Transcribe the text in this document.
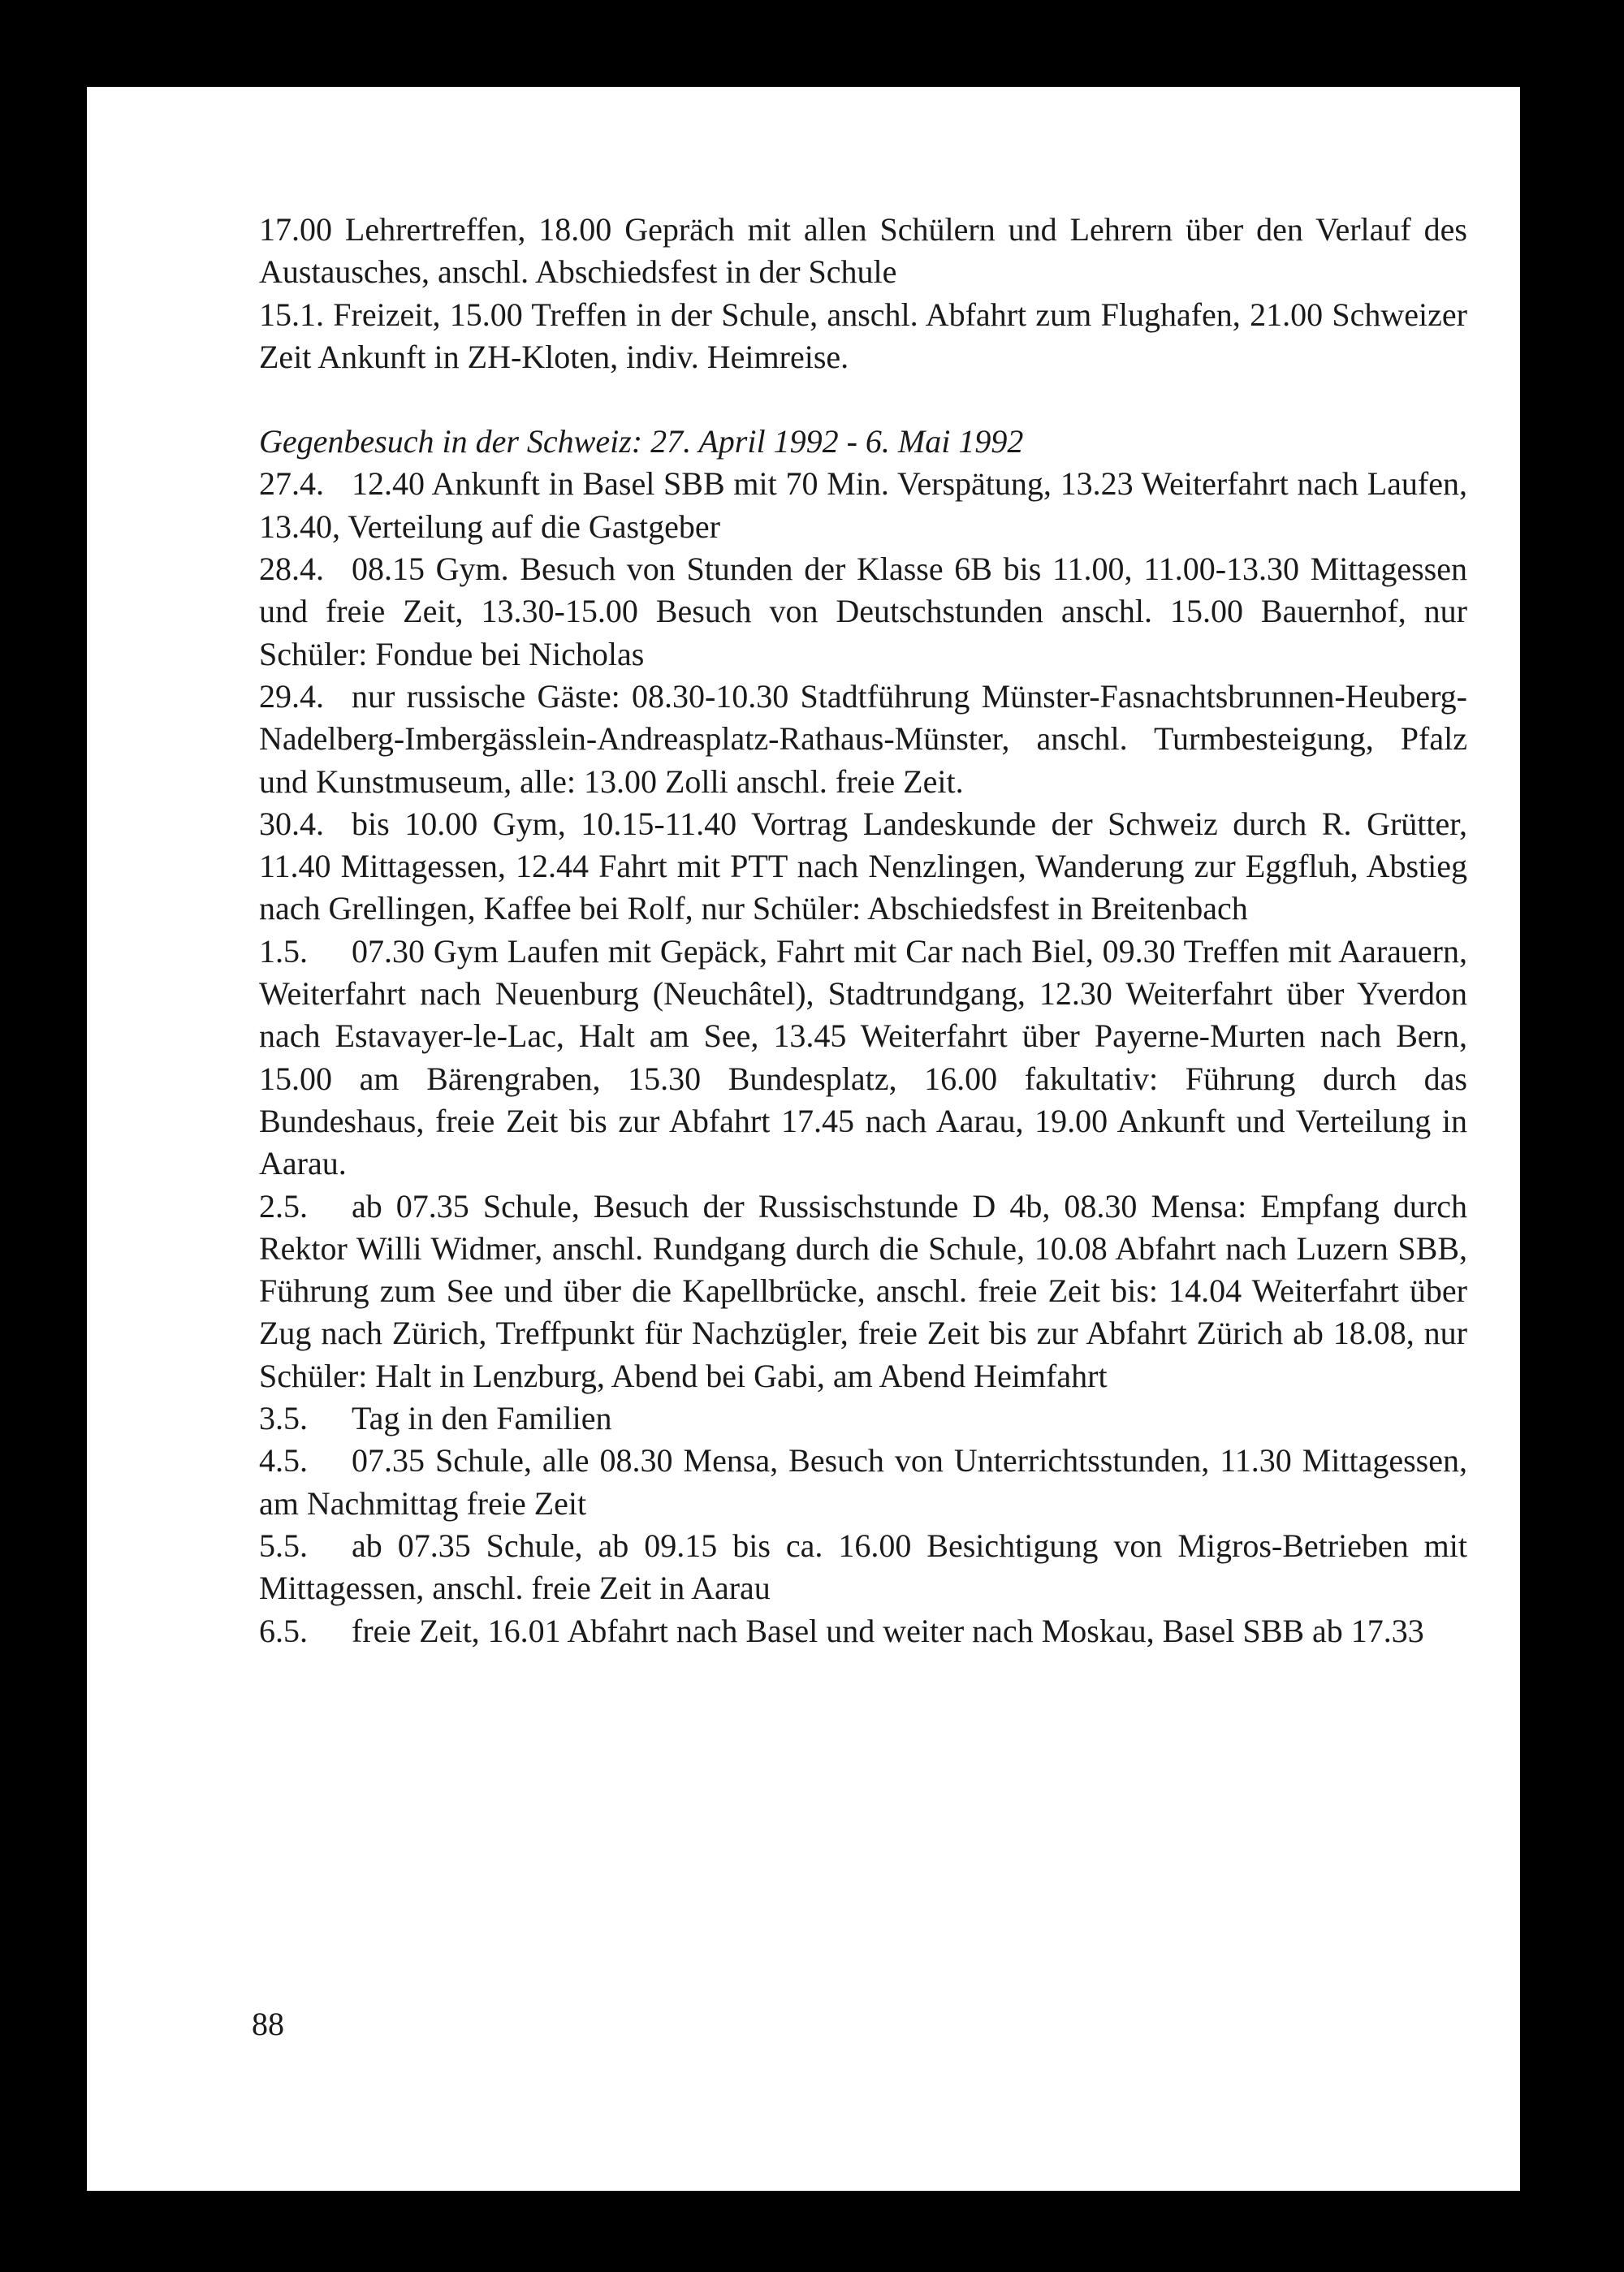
17.00 Lehrertreffen, 18.00 Gepräch mit allen Schülern und Lehrern über den Verlauf des Austausches, anschl. Abschiedsfest in der Schule

15.1. Freizeit, 15.00 Treffen in der Schule, anschl. Abfahrt zum Flughafen, 21.00 Schweizer Zeit Ankunft in ZH-Kloten, indiv. Heimreise.

Gegenbesuch in der Schweiz: 27. April 1992 - 6. Mai 1992

27.4. 12.40 Ankunft in Basel SBB mit 70 Min. Verspätung, 13.23 Weiterfahrt nach Laufen, 13.40, Verteilung auf die Gastgeber

28.4. 08.15 Gym. Besuch von Stunden der Klasse 6B bis 11.00, 11.00-13.30 Mittagessen und freie Zeit, 13.30-15.00 Besuch von Deutschstunden anschl. 15.00 Bauernhof, nur Schüler: Fondue bei Nicholas

29.4. nur russische Gäste: 08.30-10.30 Stadtführung Münster-Fasnachtsbrunnen-Heuberg-Nadelberg-Imbergässlein-Andreasplatz-Rathaus-Münster, anschl. Turmbesteigung, Pfalz und Kunstmuseum, alle: 13.00 Zolli anschl. freie Zeit.

30.4. bis 10.00 Gym, 10.15-11.40 Vortrag Landeskunde der Schweiz durch R. Grütter, 11.40 Mittagessen, 12.44 Fahrt mit PTT nach Nenzlingen, Wanderung zur Eggfluh, Abstieg nach Grellingen, Kaffee bei Rolf, nur Schüler: Abschiedsfest in Breitenbach

1.5. 07.30 Gym Laufen mit Gepäck, Fahrt mit Car nach Biel, 09.30 Treffen mit Aarauern, Weiterfahrt nach Neuenburg (Neuchâtel), Stadtrundgang, 12.30 Weiterfahrt über Yverdon nach Estavayer-le-Lac, Halt am See, 13.45 Weiterfahrt über Payerne-Murten nach Bern, 15.00 am Bärengraben, 15.30 Bundesplatz, 16.00 fakultativ: Führung durch das Bundeshaus, freie Zeit bis zur Abfahrt 17.45 nach Aarau, 19.00 Ankunft und Verteilung in Aarau.

2.5. ab 07.35 Schule, Besuch der Russischstunde D 4b, 08.30 Mensa: Empfang durch Rektor Willi Widmer, anschl. Rundgang durch die Schule, 10.08 Abfahrt nach Luzern SBB, Führung zum See und über die Kapellbrücke, anschl. freie Zeit bis: 14.04 Weiterfahrt über Zug nach Zürich, Treffpunkt für Nachzügler, freie Zeit bis zur Abfahrt Zürich ab 18.08, nur Schüler: Halt in Lenzburg, Abend bei Gabi, am Abend Heimfahrt

3.5. Tag in den Familien

4.5. 07.35 Schule, alle 08.30 Mensa, Besuch von Unterrichtsstunden, 11.30 Mittagessen, am Nachmittag freie Zeit

5.5. ab 07.35 Schule, ab 09.15 bis ca. 16.00 Besichtigung von Migros-Betrieben mit Mittagessen, anschl. freie Zeit in Aarau

6.5. freie Zeit, 16.01 Abfahrt nach Basel und weiter nach Moskau, Basel SBB ab 17.33

88
